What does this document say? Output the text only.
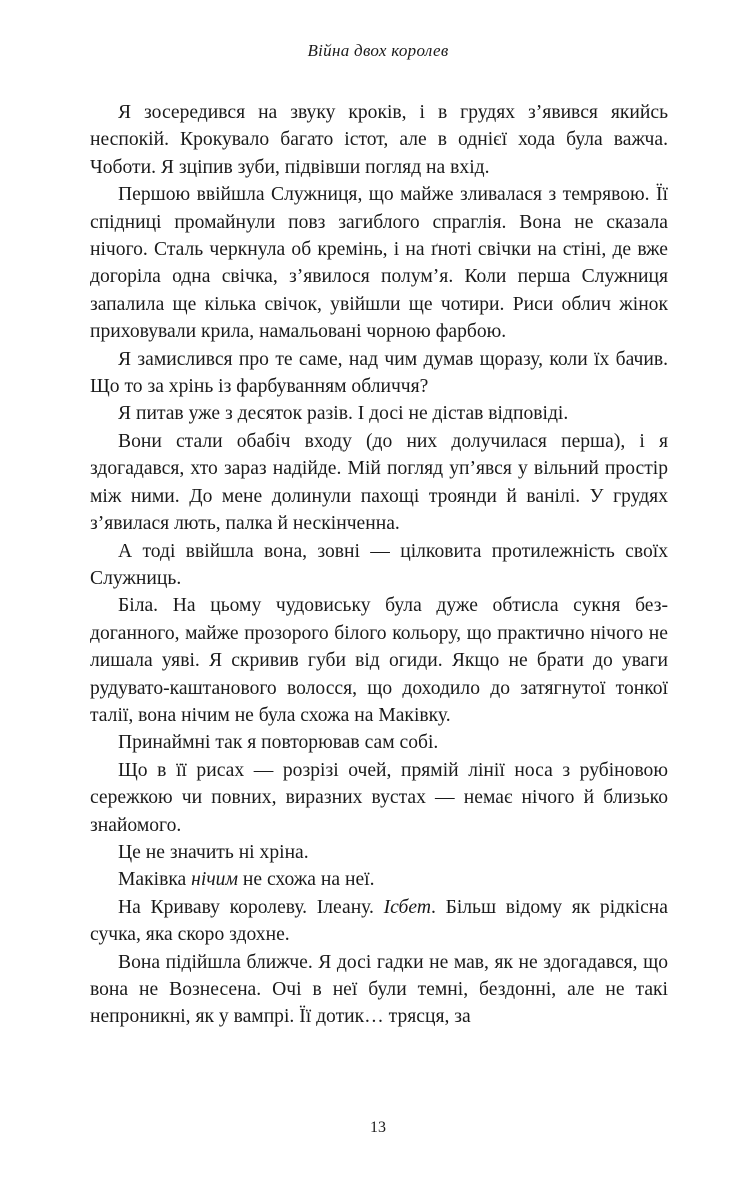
Війна двох королев

Я зосередився на звуку кроків, і в грудях з’явився якийсь неспокій. Крокувало багато істот, але в однієї хода була важча. Чоботи. Я зціпив зуби, підвівши погляд на вхід.

Першою ввійшла Служниця, що майже зливалася з темрявою. Її спідниці промайнули повз загиблого спраглія. Вона не сказала нічого. Сталь черкнула об кремінь, і на ґноті свічки на стіні, де вже догоріла одна свічка, з’явилося полум’я. Коли перша Служниця запалила ще кілька свічок, увійшли ще чотири. Риси облич жінок приховували крила, намальовані чорною фарбою.

Я замислився про те саме, над чим думав щоразу, коли їх бачив. Що то за хрінь із фарбуванням обличчя?

Я питав уже з десяток разів. І досі не дістав відповіді.

Вони стали обабіч входу (до них долучилася перша), і я здогадався, хто зараз надійде. Мій погляд уп’явся у вільний простір між ними. До мене долинули пахощі троянди й ванілі. У грудях з’явилася лють, палка й нескінченна.

А тоді ввійшла вона, зовні — цілковита протилежність своїх Служниць.

Біла. На цьому чудовиську була дуже обтисла сукня бездоганного, майже прозорого білого кольору, що практично нічого не лишала уяві. Я скривив губи від огиди. Якщо не брати до уваги рудувато-каштанового волосся, що доходило до затягнутої тонкої талії, вона нічим не була схожа на Маківку.

Принаймні так я повторював сам собі.

Що в її рисах — розрізі очей, прямій лінії носа з рубіновою сережкою чи повних, виразних вустах — немає нічого й близько знайомого.

Це не значить ні хріна.

Маківка нічим не схожа на неї.

На Криваву королеву. Ілеану. Ісбет. Більш відому як рідкісна сучка, яка скоро здохне.

Вона підійшла ближче. Я досі гадки не мав, як не здогадався, що вона не Вознесена. Очі в неї були темні, бездонні, але не такі непроникні, як у вампрі. Її дотик… трясця, за

13
